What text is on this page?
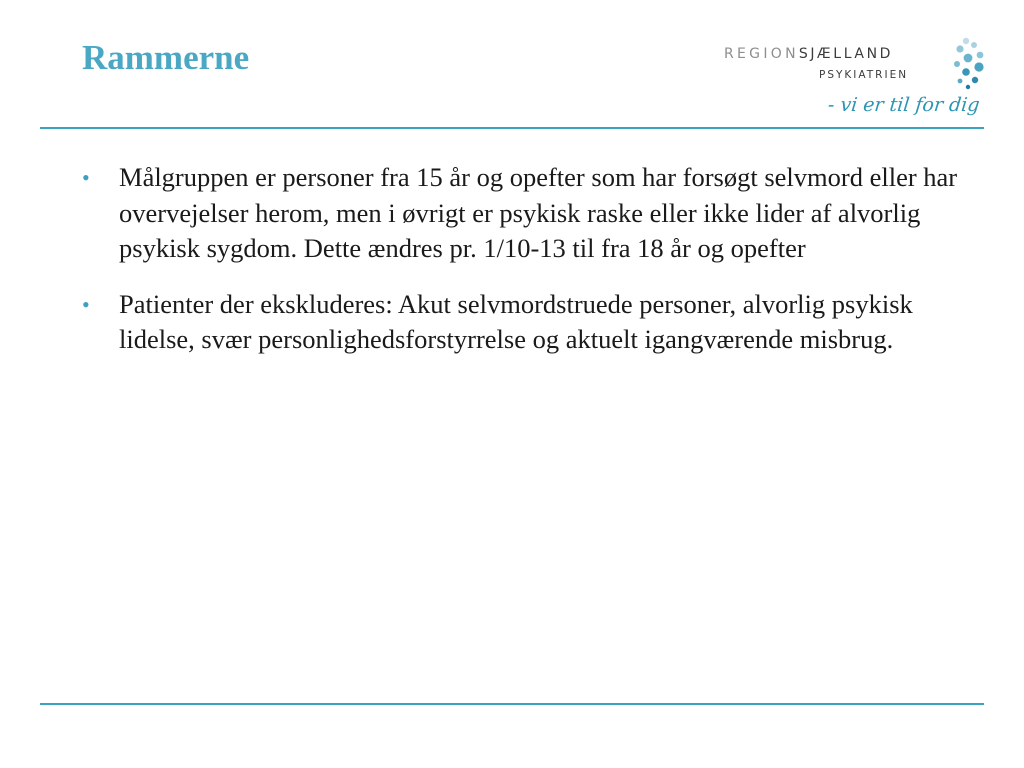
Rammerne	REGIONSJÆLLAND
PSYKIATRIEN
- vi er til for dig
• Målgruppen er personer fra 15 år og opefter som har forsøgt selvmord eller har overvejelser herom, men i øvrigt er psykisk raske eller ikke lider af alvorlig psykisk sygdom. Dette ændres pr. 1/10-13 til fra 18 år og opefter
• Patienter der ekskluderes: Akut selvmordstruede personer, alvorlig psykisk lidelse, svær personlighedsforstyrrelse og aktuelt igangværende misbrug.
